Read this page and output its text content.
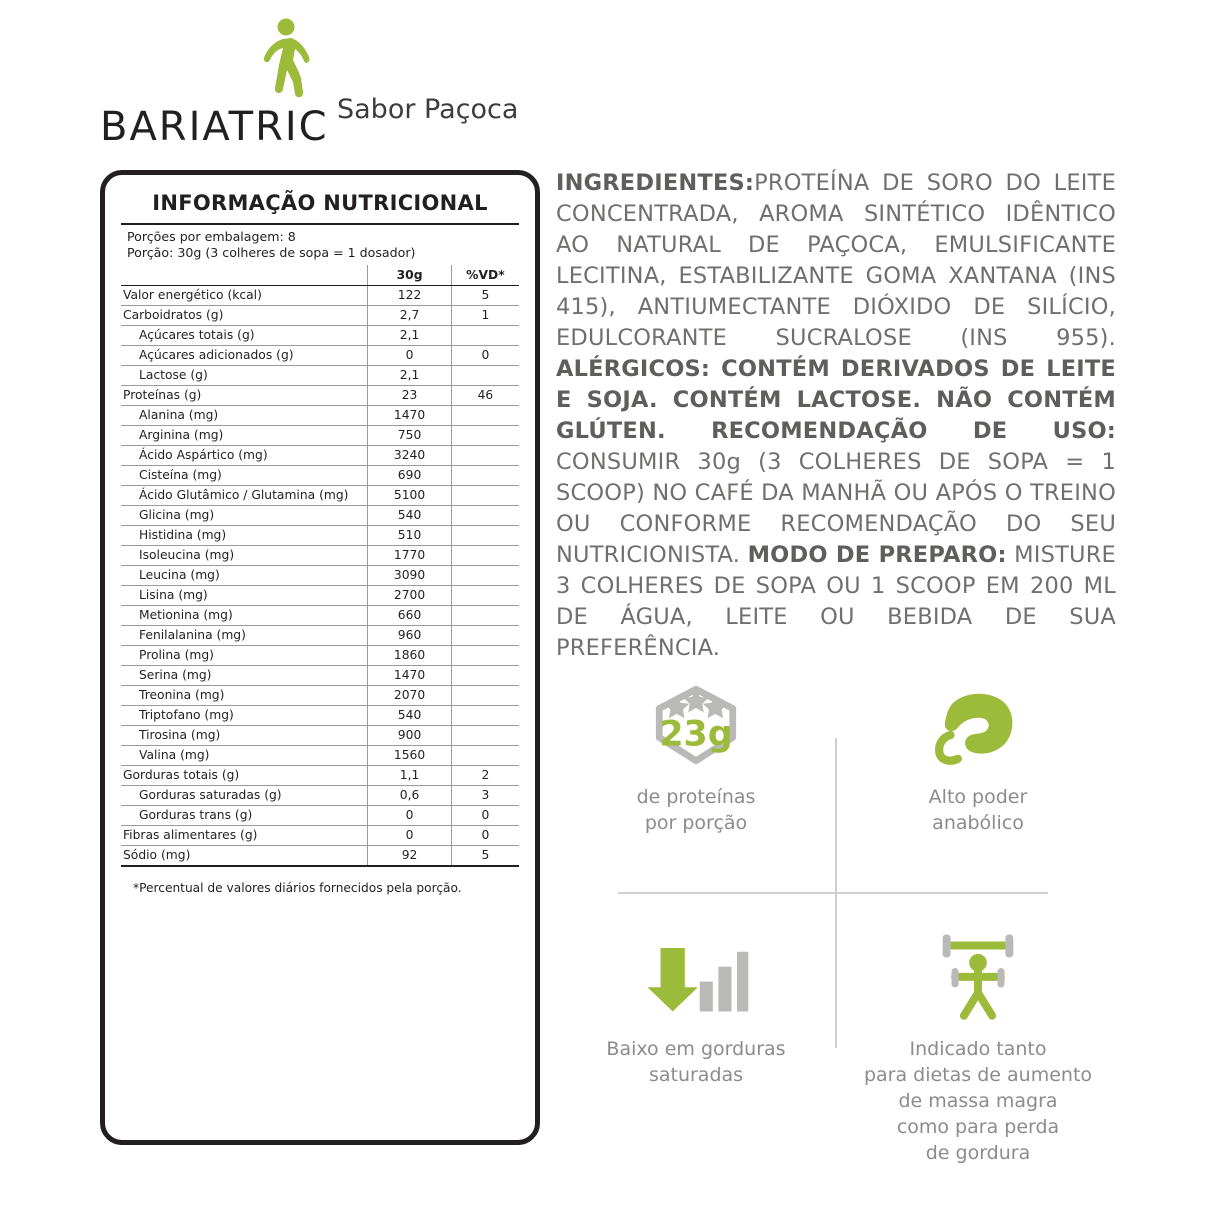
BARIATRIC Sabor Paçoca
INFORMAÇÃO NUTRICIONAL
Porções por embalagem: 8
Porção: 30g (3 colheres de sopa = 1 dosador)
	30g	%VD*
Valor energético (kcal)	122	5
Carboidratos (g)	2,7	1
Açúcares totais (g)	2,1	
Açúcares adicionados (g)	0	0
Lactose (g)	2,1	
Proteínas (g)	23	46
Alanina (mg)	1470	
Arginina (mg)	750	
Ácido Aspártico (mg)	3240	
Cisteína (mg)	690	
Ácido Glutâmico / Glutamina (mg)	5100	
Glicina (mg)	540	
Histidina (mg)	510	
Isoleucina (mg)	1770	
Leucina (mg)	3090	
Lisina (mg)	2700	
Metionina (mg)	660	
Fenilalanina (mg)	960	
Prolina (mg)	1860	
Serina (mg)	1470	
Treonina (mg)	2070	
Triptofano (mg)	540	
Tirosina (mg)	900	
Valina (mg)	1560	
Gorduras totais (g)	1,1	2
Gorduras saturadas (g)	0,6	3
Gorduras trans (g)	0	0
Fibras alimentares (g)	0	0
Sódio (mg)	92	5
*Percentual de valores diários fornecidos pela porção.
INGREDIENTES:PROTEÍNA DE SORO DO LEITE CONCENTRADA, AROMA SINTÉTICO IDÊNTICO AO NATURAL DE PAÇOCA, EMULSIFICANTE LECITINA, ESTABILIZANTE GOMA XANTANA (INS 415), ANTIUMECTANTE DIÓXIDO DE SILÍCIO, EDULCORANTE SUCRALOSE (INS 955). ALÉRGICOS: CONTÉM DERIVADOS DE LEITE E SOJA. CONTÉM LACTOSE. NÃO CONTÉM GLÚTEN. RECOMENDAÇÃO DE USO: CONSUMIR 30g (3 COLHERES DE SOPA = 1 SCOOP) NO CAFÉ DA MANHÃ OU APÓS O TREINO OU CONFORME RECOMENDAÇÃO DO SEU NUTRICIONISTA. MODO DE PREPARO: MISTURE 3 COLHERES DE SOPA OU 1 SCOOP EM 200 ML DE ÁGUA, LEITE OU BEBIDA DE SUA PREFERÊNCIA.
23g
de proteínas
por porção
Alto poder
anabólico
Baixo em gorduras
saturadas
Indicado tanto
para dietas de aumento
de massa magra
como para perda
de gordura
